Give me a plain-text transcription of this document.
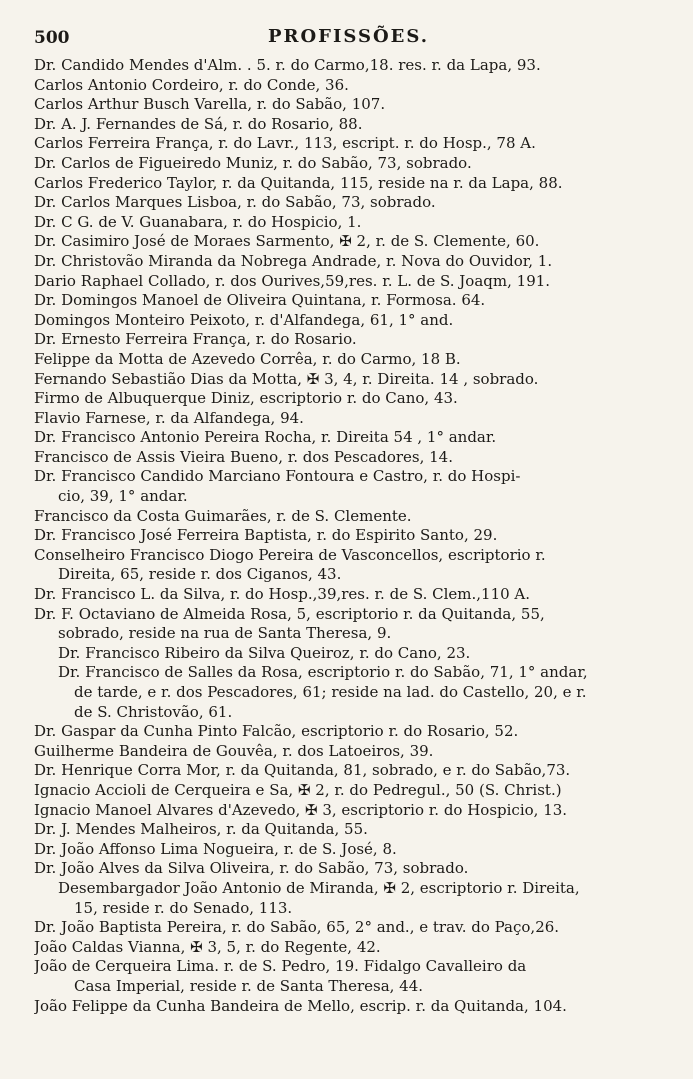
500	PROFISSÕES.
Dr. Candido Mendes d'Alm. . 5. r. do Carmo,18. res. r. da Lapa, 93.
Carlos Antonio Cordeiro, r. do Conde, 36.
Carlos Arthur Busch Varella, r. do Sabão, 107.
Dr. A. J. Fernandes de Sá, r. do Rosario, 88.
Carlos Ferreira França, r. do Lavr., 113, escript. r. do Hosp., 78 A.
Dr. Carlos de Figueiredo Muniz, r. do Sabão, 73, sobrado.
Carlos Frederico Taylor, r. da Quitanda, 115, reside na r. da Lapa, 88.
Dr. Carlos Marques Lisboa, r. do Sabão, 73, sobrado.
Dr. C G. de V. Guanabara, r. do Hospicio, 1.
Dr. Casimiro José de Moraes Sarmento, ✠ 2, r. de S. Clemente, 60.
Dr. Christovão Miranda da Nobrega Andrade, r. Nova do Ouvidor, 1.
Dario Raphael Collado, r. dos Ourives,59,res. r. L. de S. Joaqm, 191.
Dr. Domingos Manoel de Oliveira Quintana, r. Formosa. 64.
Domingos Monteiro Peixoto, r. d'Alfandega, 61, 1° and.
Dr. Ernesto Ferreira França, r. do Rosario.
Felippe da Motta de Azevedo Corrêa, r. do Carmo, 18 B.
Fernando Sebastião Dias da Motta, ✠ 3, 4, r. Direita. 14 , sobrado.
Firmo de Albuquerque Diniz, escriptorio r. do Cano, 43.
Flavio Farnese, r. da Alfandega, 94.
Dr. Francisco Antonio Pereira Rocha, r. Direita 54 , 1° andar.
Francisco de Assis Vieira Bueno, r. dos Pescadores, 14.
Dr. Francisco Candido Marciano Fontoura e Castro, r. do Hospi-
cio, 39, 1° andar.
Francisco da Costa Guimarães, r. de S. Clemente.
Dr. Francisco José Ferreira Baptista, r. do Espirito Santo, 29.
Conselheiro Francisco Diogo Pereira de Vasconcellos, escriptorio r.
Direita, 65, reside r. dos Ciganos, 43.
Dr. Francisco L. da Silva, r. do Hosp.,39,res. r. de S. Clem.,110 A.
Dr. F. Octaviano de Almeida Rosa, 5, escriptorio r. da Quitanda, 55,
sobrado, reside na rua de Santa Theresa, 9.
Dr. Francisco Ribeiro da Silva Queiroz, r. do Cano, 23.
Dr. Francisco de Salles da Rosa, escriptorio r. do Sabão, 71, 1° andar,
de tarde, e r. dos Pescadores, 61; reside na lad. do Castello, 20, e r.
de S. Christovão, 61.
Dr. Gaspar da Cunha Pinto Falcão, escriptorio r. do Rosario, 52.
Guilherme Bandeira de Gouvêa, r. dos Latoeiros, 39.
Dr. Henrique Corra Mor, r. da Quitanda, 81, sobrado, e r. do Sabão,73.
Ignacio Accioli de Cerqueira e Sa, ✠ 2, r. do Pedregul., 50 (S. Christ.)
Ignacio Manoel Alvares d'Azevedo, ✠ 3, escriptorio r. do Hospicio, 13.
Dr. J. Mendes Malheiros, r. da Quitanda, 55.
Dr. João Affonso Lima Nogueira, r. de S. José, 8.
Dr. João Alves da Silva Oliveira, r. do Sabão, 73, sobrado.
Desembargador João Antonio de Miranda, ✠ 2, escriptorio r. Direita,
15, reside r. do Senado, 113.
Dr. João Baptista Pereira, r. do Sabão, 65, 2° and., e trav. do Paço,26.
João Caldas Vianna, ✠ 3, 5, r. do Regente, 42.
João de Cerqueira Lima. r. de S. Pedro, 19. Fidalgo Cavalleiro da
Casa Imperial, reside r. de Santa Theresa, 44.
João Felippe da Cunha Bandeira de Mello, escrip. r. da Quitanda, 104.
